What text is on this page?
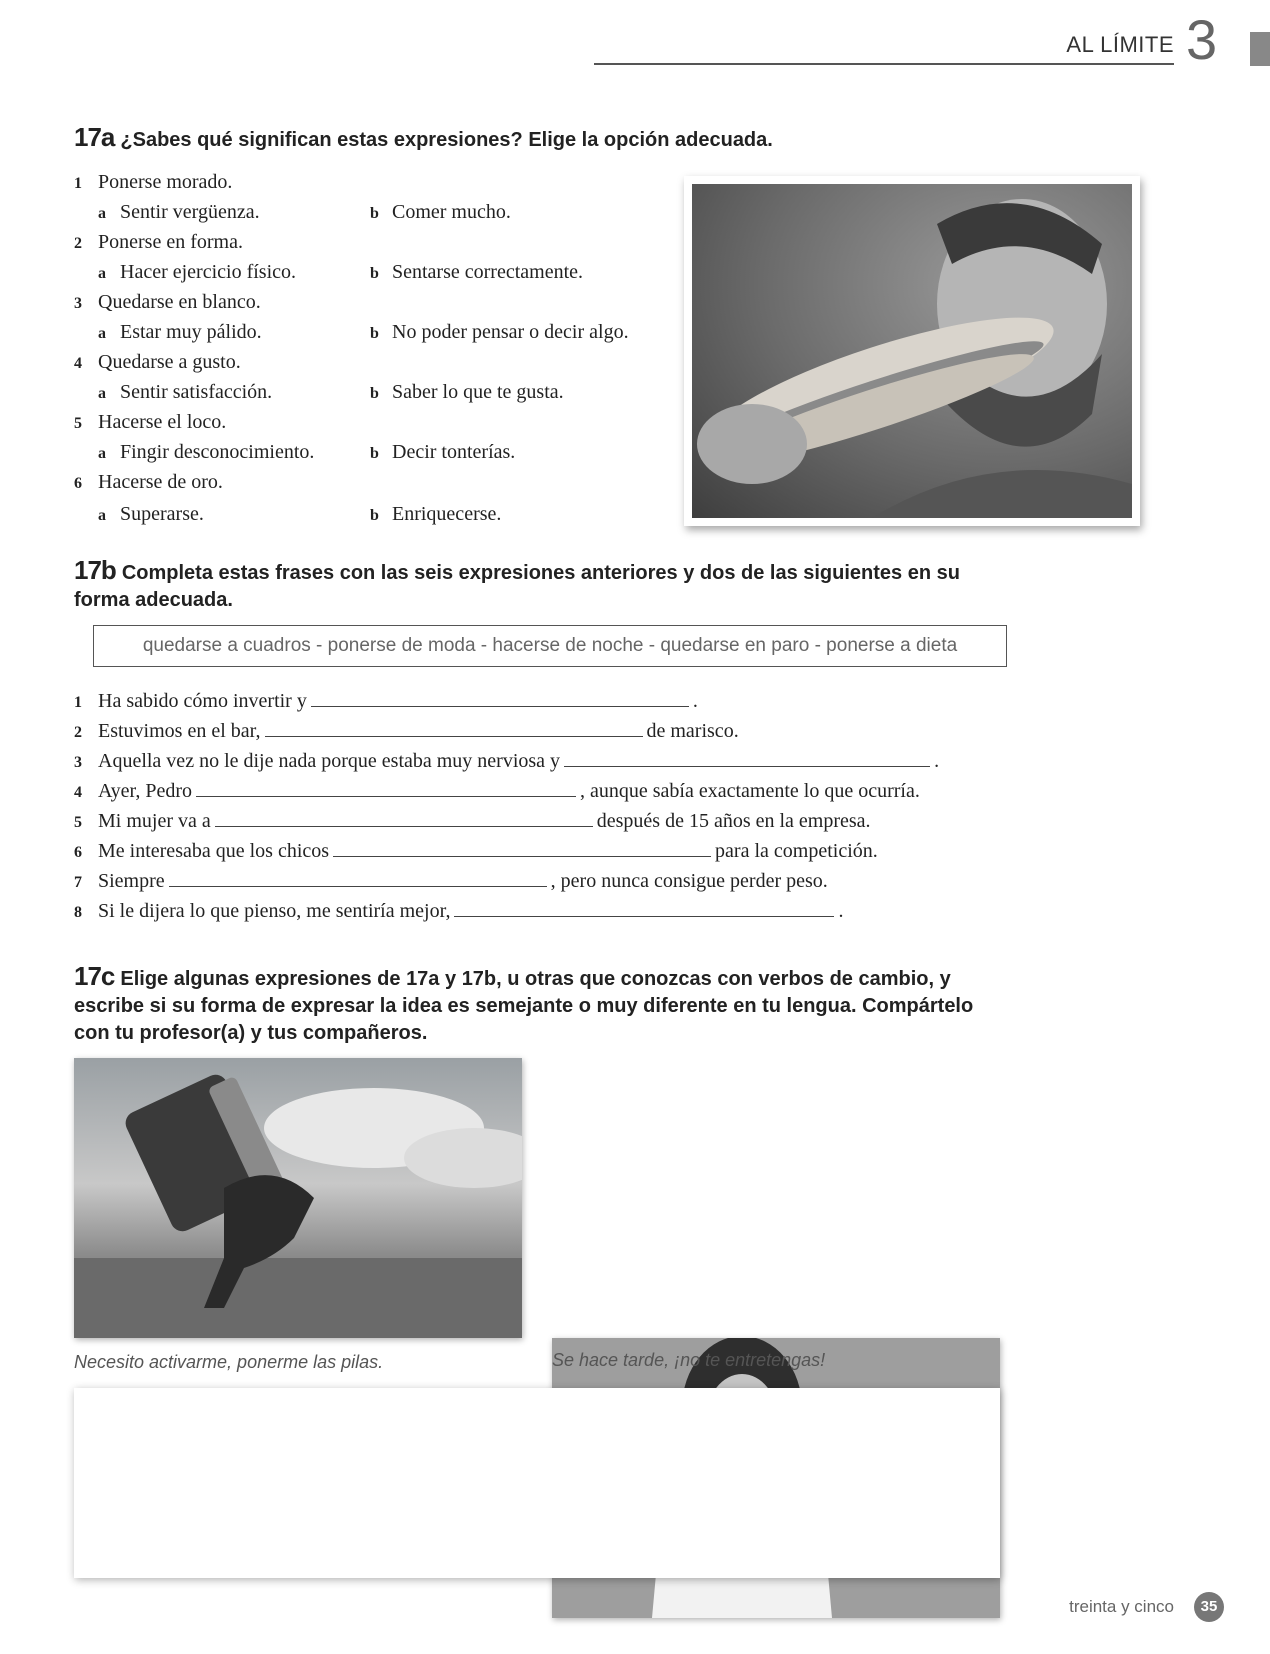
AL LÍMITE 3
17a ¿Sabes qué significan estas expresiones? Elige la opción adecuada.
1 Ponerse morado.
a Sentir vergüenza.	b Comer mucho.
2 Ponerse en forma.
a Hacer ejercicio físico.	b Sentarse correctamente.
3 Quedarse en blanco.
a Estar muy pálido.	b No poder pensar o decir algo.
4 Quedarse a gusto.
a Sentir satisfacción.	b Saber lo que te gusta.
5 Hacerse el loco.
a Fingir desconocimiento.	b Decir tonterías.
6 Hacerse de oro.
a Superarse.	b Enriquecerse.
17b Completa estas frases con las seis expresiones anteriores y dos de las siguientes en su forma adecuada.
quedarse a cuadros - ponerse de moda - hacerse de noche - quedarse en paro - ponerse a dieta
1 Ha sabido cómo invertir y	.
2 Estuvimos en el bar,	de marisco.
3 Aquella vez no le dije nada porque estaba muy nerviosa y	.
4 Ayer, Pedro	, aunque sabía exactamente lo que ocurría.
5 Mi mujer va a	después de 15 años en la empresa.
6 Me interesaba que los chicos	para la competición.
7 Siempre	, pero nunca consigue perder peso.
8 Si le dijera lo que pienso, me sentiría mejor,	.
17c Elige algunas expresiones de 17a y 17b, u otras que conozcas con verbos de cambio, y escribe si su forma de expresar la idea es semejante o muy diferente en tu lengua. Compártelo con tu profesor(a) y tus compañeros.
Necesito activarme, ponerme las pilas.	Se hace tarde, ¡no te entretengas!
treinta y cinco	35
